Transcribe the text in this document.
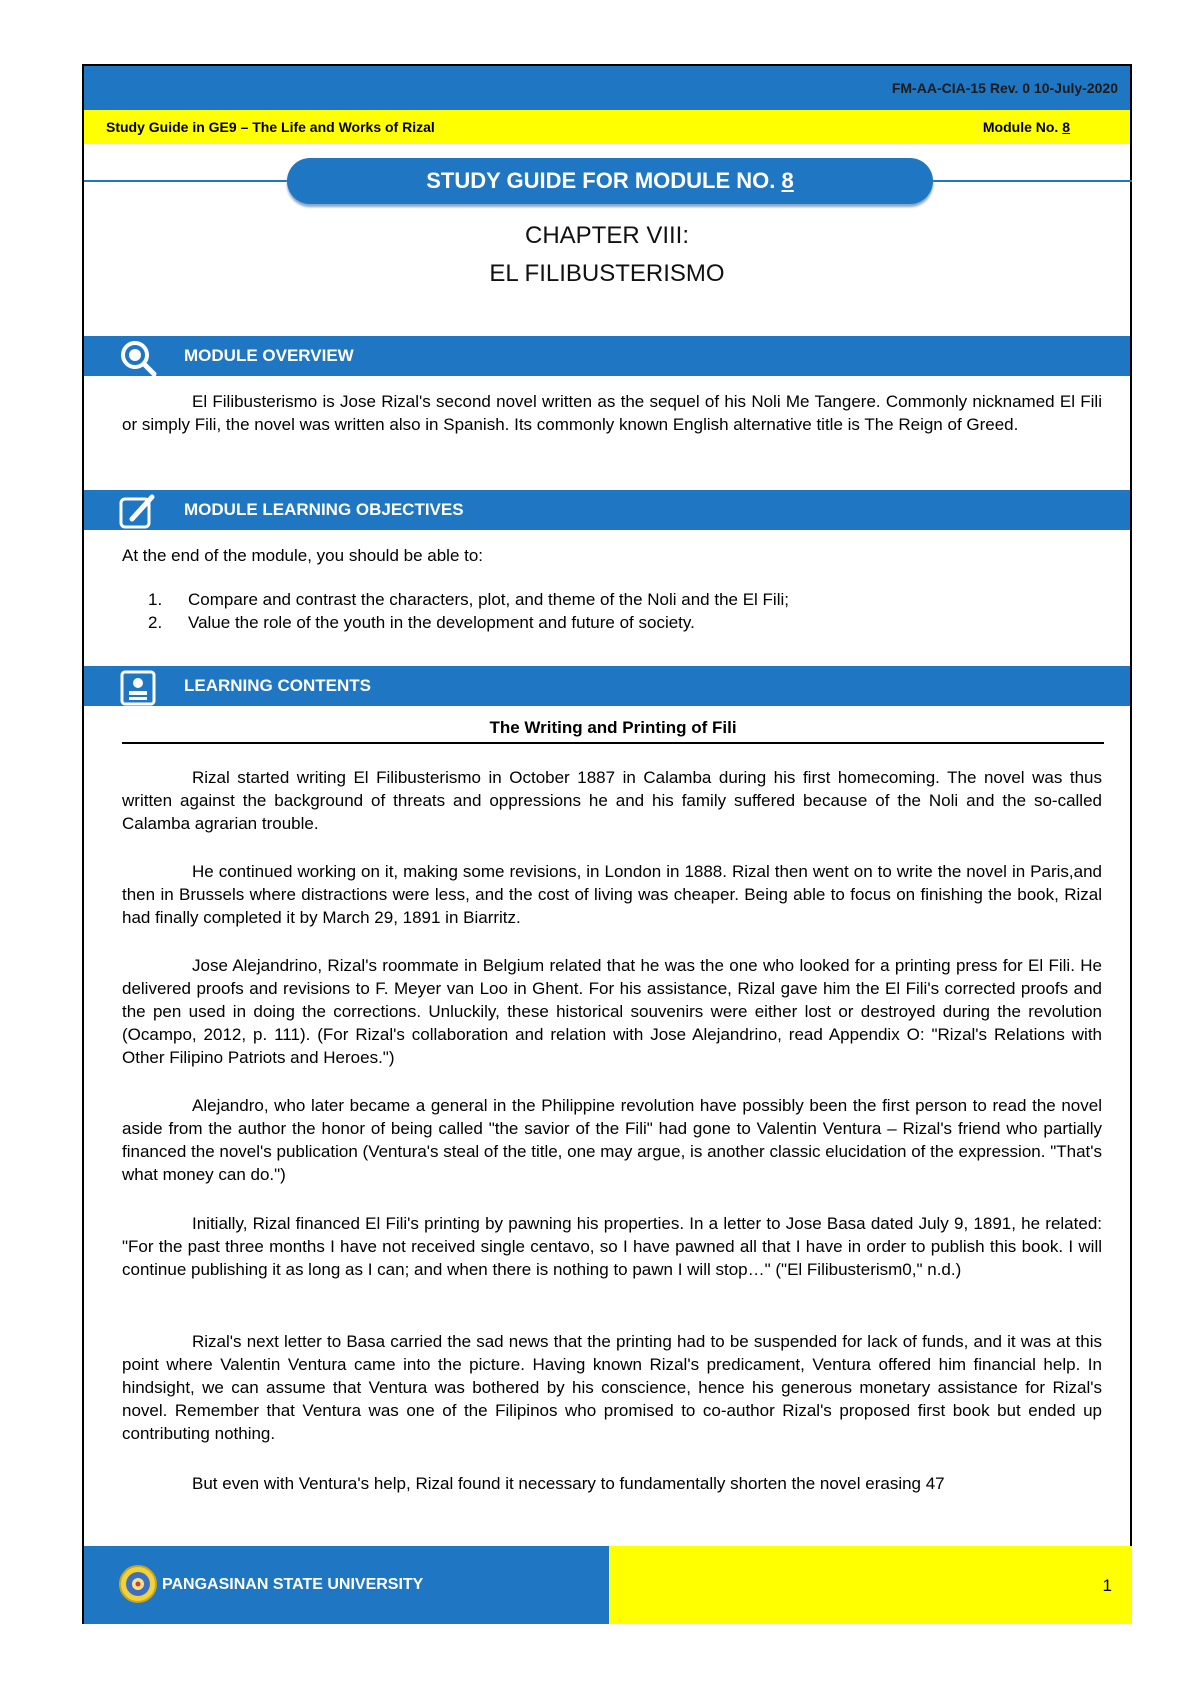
FM-AA-CIA-15 Rev. 0 10-July-2020
Study Guide in GE9 – The Life and Works of Rizal	Module No. 8
STUDY GUIDE FOR MODULE NO. 8
CHAPTER VIII:
EL FILIBUSTERISMO
MODULE OVERVIEW
El Filibusterismo is Jose Rizal's second novel written as the sequel of his Noli Me Tangere. Commonly nicknamed El Fili or simply Fili, the novel was written also in Spanish. Its commonly known English alternative title is The Reign of Greed.
MODULE LEARNING OBJECTIVES
At the end of the module, you should be able to:
1. Compare and contrast the characters, plot, and theme of the Noli and the El Fili;
2. Value the role of the youth in the development and future of society.
LEARNING CONTENTS
The Writing and Printing of Fili
Rizal started writing El Filibusterismo in October 1887 in Calamba during his first homecoming. The novel was thus written against the background of threats and oppressions he and his family suffered because of the Noli and the so-called Calamba agrarian trouble.
He continued working on it, making some revisions, in London in 1888. Rizal then went on to write the novel in Paris,and then in Brussels where distractions were less, and the cost of living was cheaper. Being able to focus on finishing the book, Rizal had finally completed it by March 29, 1891 in Biarritz.
Jose Alejandrino, Rizal's roommate in Belgium related that he was the one who looked for a printing press for El Fili. He delivered proofs and revisions to F. Meyer van Loo in Ghent. For his assistance, Rizal gave him the El Fili's corrected proofs and the pen used in doing the corrections. Unluckily, these historical souvenirs were either lost or destroyed during the revolution (Ocampo, 2012, p. 111). (For Rizal's collaboration and relation with Jose Alejandrino, read Appendix O: "Rizal's Relations with Other Filipino Patriots and Heroes.")
Alejandro, who later became a general in the Philippine revolution have possibly been the first person to read the novel aside from the author the honor of being called "the savior of the Fili" had gone to Valentin Ventura – Rizal's friend who partially financed the novel's publication (Ventura's steal of the title, one may argue, is another classic elucidation of the expression. "That's what money can do.")
Initially, Rizal financed El Fili's printing by pawning his properties. In a letter to Jose Basa dated July 9, 1891, he related: "For the past three months I have not received single centavo, so I have pawned all that I have in order to publish this book. I will continue publishing it as long as I can; and when there is nothing to pawn I will stop…" ("El Filibusterism0," n.d.)
Rizal's next letter to Basa carried the sad news that the printing had to be suspended for lack of funds, and it was at this point where Valentin Ventura came into the picture. Having known Rizal's predicament, Ventura offered him financial help. In hindsight, we can assume that Ventura was bothered by his conscience, hence his generous monetary assistance for Rizal's novel. Remember that Ventura was one of the Filipinos who promised to co-author Rizal's proposed first book but ended up contributing nothing.
But even with Ventura's help, Rizal found it necessary to fundamentally shorten the novel erasing 47
PANGASINAN STATE UNIVERSITY	1
